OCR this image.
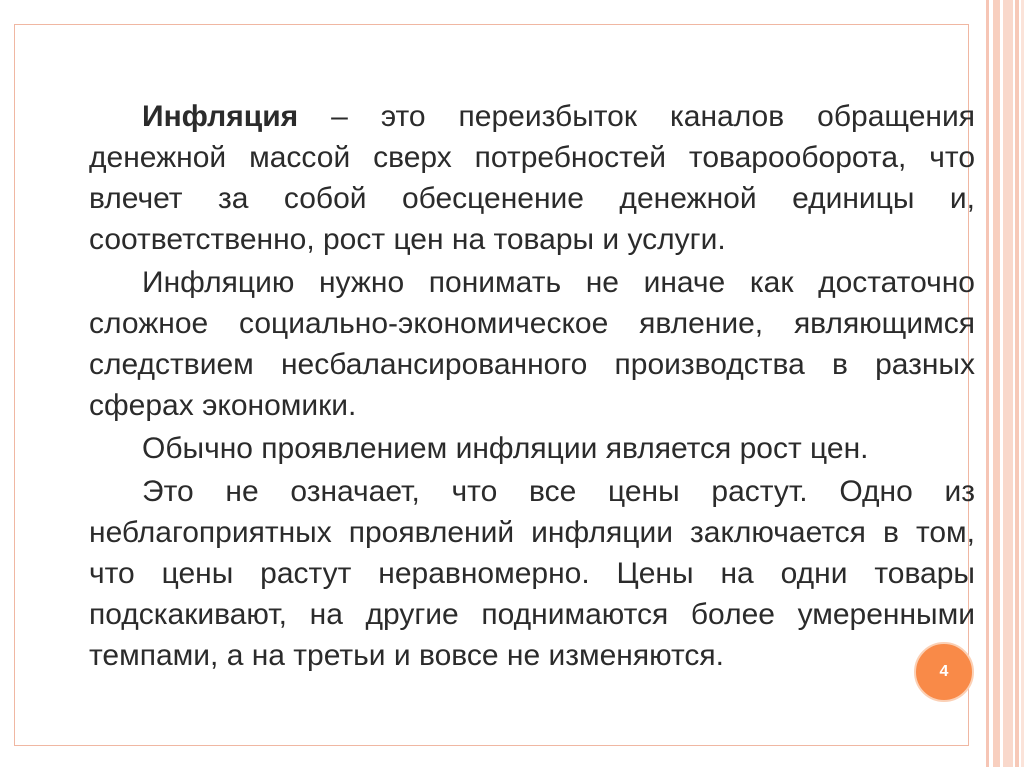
Инфляция – это переизбыток каналов обращения денежной массой сверх потребностей товарооборота, что влечет за собой обесценение денежной единицы и, соответственно, рост цен на товары и услуги.

Инфляцию нужно понимать не иначе как достаточно сложное социально-экономическое явление, являющимся следствием несбалансированного производства в разных сферах экономики.

Обычно проявлением инфляции является рост цен.

Это не означает, что все цены растут. Одно из неблагоприятных проявлений инфляции заключается в том, что цены растут неравномерно. Цены на одни товары подскакивают, на другие поднимаются более умеренными темпами, а на третьи и вовсе не изменяются.	4
